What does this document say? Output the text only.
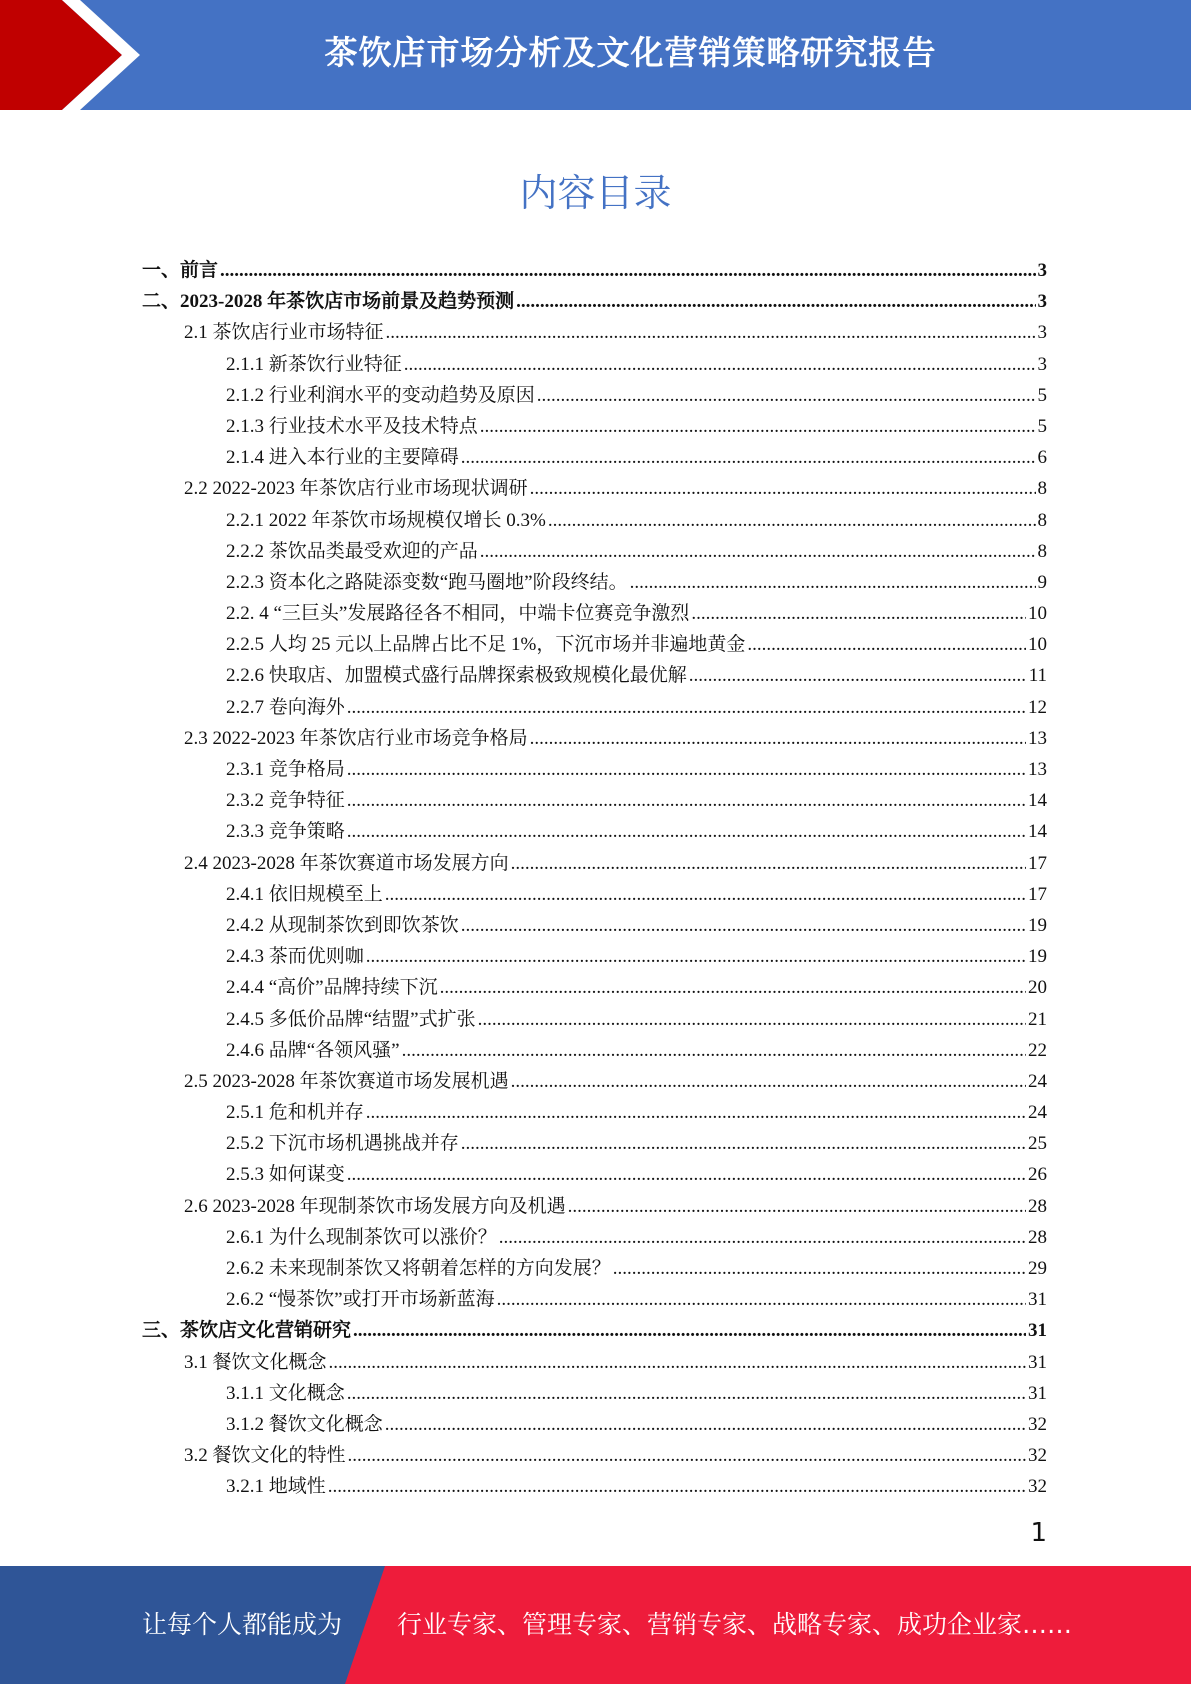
茶饮店市场分析及文化营销策略研究报告
内容目录
一、前言 .....	3
二、2023-2028 年茶饮店市场前景及趋势预测 .....	3
2.1 茶饮店行业市场特征 .....	3
2.1.1 新茶饮行业特征 .....	3
2.1.2 行业利润水平的变动趋势及原因 .....	5
2.1.3 行业技术水平及技术特点 .....	5
2.1.4 进入本行业的主要障碍 .....	6
2.2 2022-2023 年茶饮店行业市场现状调研 .....	8
2.2.1 2022 年茶饮市场规模仅增长 0.3% .....	8
2.2.2 茶饮品类最受欢迎的产品 .....	8
2.2.3 资本化之路陡添变数“跑马圈地”阶段终结。 .....	9
2.2. 4 “三巨头”发展路径各不相同，中端卡位赛竞争激烈 .....	10
2.2.5 人均 25 元以上品牌占比不足 1%，下沉市场并非遍地黄金 .....	10
2.2.6 快取店、加盟模式盛行品牌探索极致规模化最优解 .....	11
2.2.7 卷向海外 .....	12
2.3 2022-2023 年茶饮店行业市场竞争格局 .....	13
2.3.1 竞争格局 .....	13
2.3.2 竞争特征 .....	14
2.3.3 竞争策略 .....	14
2.4 2023-2028 年茶饮赛道市场发展方向 .....	17
2.4.1 依旧规模至上 .....	17
2.4.2 从现制茶饮到即饮茶饮 .....	19
2.4.3 茶而优则咖 .....	19
2.4.4 “高价”品牌持续下沉 .....	20
2.4.5 多低价品牌“结盟”式扩张 .....	21
2.4.6 品牌“各领风骚” .....	22
2.5 2023-2028 年茶饮赛道市场发展机遇 .....	24
2.5.1 危和机并存 .....	24
2.5.2 下沉市场机遇挑战并存 .....	25
2.5.3 如何谋变 .....	26
2.6 2023-2028 年现制茶饮市场发展方向及机遇 .....	28
2.6.1 为什么现制茶饮可以涨价？ .....	28
2.6.2 未来现制茶饮又将朝着怎样的方向发展？ .....	29
2.6.2 “慢茶饮”或打开市场新蓝海 .....	31
三、茶饮店文化营销研究 .....	31
3.1 餐饮文化概念 .....	31
3.1.1 文化概念 .....	31
3.1.2 餐饮文化概念 .....	32
3.2 餐饮文化的特性 .....	32
3.2.1 地域性 .....	32
1
让每个人都能成为 行业专家、管理专家、营销专家、战略专家、成功企业家……
